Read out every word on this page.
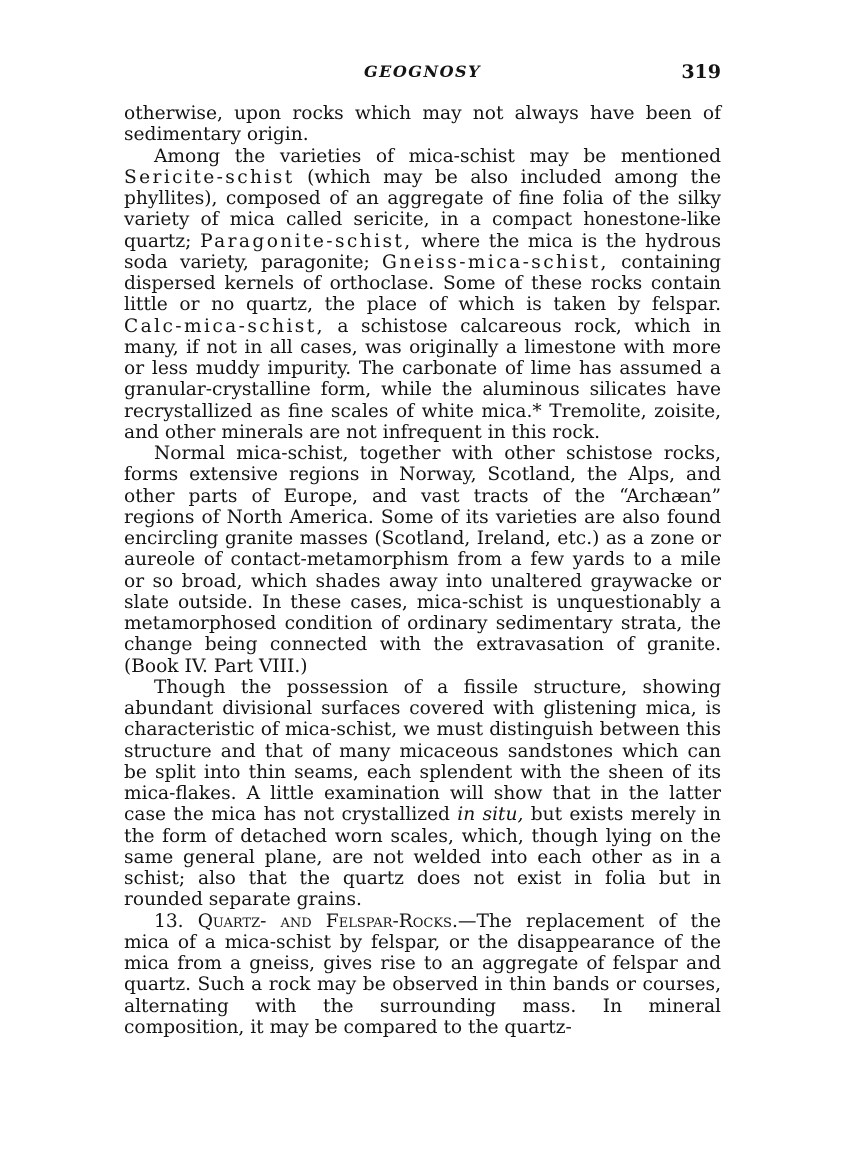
GEOGNOSY	319

otherwise, upon rocks which may not always have been of sedimentary origin.

Among the varieties of mica-schist may be mentioned Sericite-schist (which may be also included among the phyllites), composed of an aggregate of fine folia of the silky variety of mica called sericite, in a compact honestone-like quartz; Paragonite-schist, where the mica is the hydrous soda variety, paragonite; Gneiss-mica-schist, containing dispersed kernels of orthoclase. Some of these rocks contain little or no quartz, the place of which is taken by felspar. Calc-mica-schist, a schistose calcareous rock, which in many, if not in all cases, was originally a limestone with more or less muddy impurity. The carbonate of lime has assumed a granular-crystalline form, while the aluminous silicates have recrystallized as fine scales of white mica.* Tremolite, zoisite, and other minerals are not infrequent in this rock.

Normal mica-schist, together with other schistose rocks, forms extensive regions in Norway, Scotland, the Alps, and other parts of Europe, and vast tracts of the “Archæan” regions of North America. Some of its varieties are also found encircling granite masses (Scotland, Ireland, etc.) as a zone or aureole of contact-metamorphism from a few yards to a mile or so broad, which shades away into unaltered graywacke or slate outside. In these cases, mica-schist is unquestionably a metamorphosed condition of ordinary sedimentary strata, the change being connected with the extravasation of granite. (Book IV. Part VIII.)

Though the possession of a fissile structure, showing abundant divisional surfaces covered with glistening mica, is characteristic of mica-schist, we must distinguish between this structure and that of many micaceous sandstones which can be split into thin seams, each splendent with the sheen of its mica-flakes. A little examination will show that in the latter case the mica has not crystallized in situ, but exists merely in the form of detached worn scales, which, though lying on the same general plane, are not welded into each other as in a schist; also that the quartz does not exist in folia but in rounded separate grains.

13. Quartz- and Felspar-Rocks.—The replacement of the mica of a mica-schist by felspar, or the disappearance of the mica from a gneiss, gives rise to an aggregate of felspar and quartz. Such a rock may be observed in thin bands or courses, alternating with the surrounding mass. In mineral composition, it may be compared to the quartz-
